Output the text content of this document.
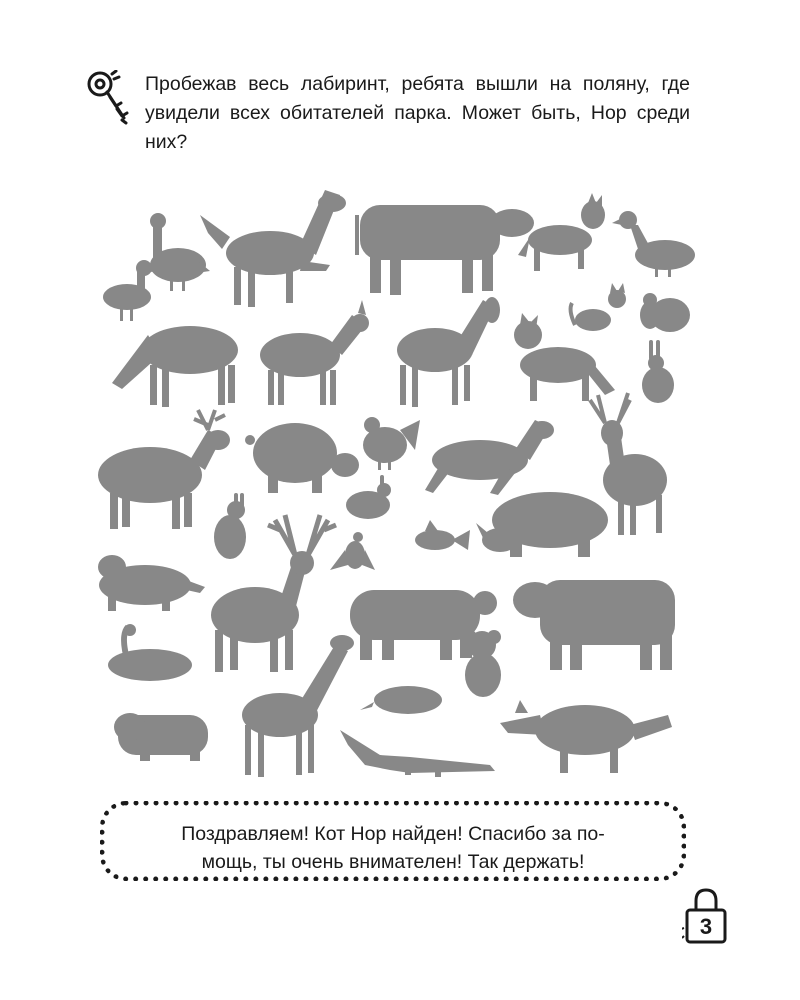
Пробежав весь лабиринт, ребята вышли на поляну, где увидели всех обитателей парка. Может быть, Нор среди них?

Поздравляем! Кот Нор найден! Спасибо за по-
мощь, ты очень внимателен! Так держать!

3
